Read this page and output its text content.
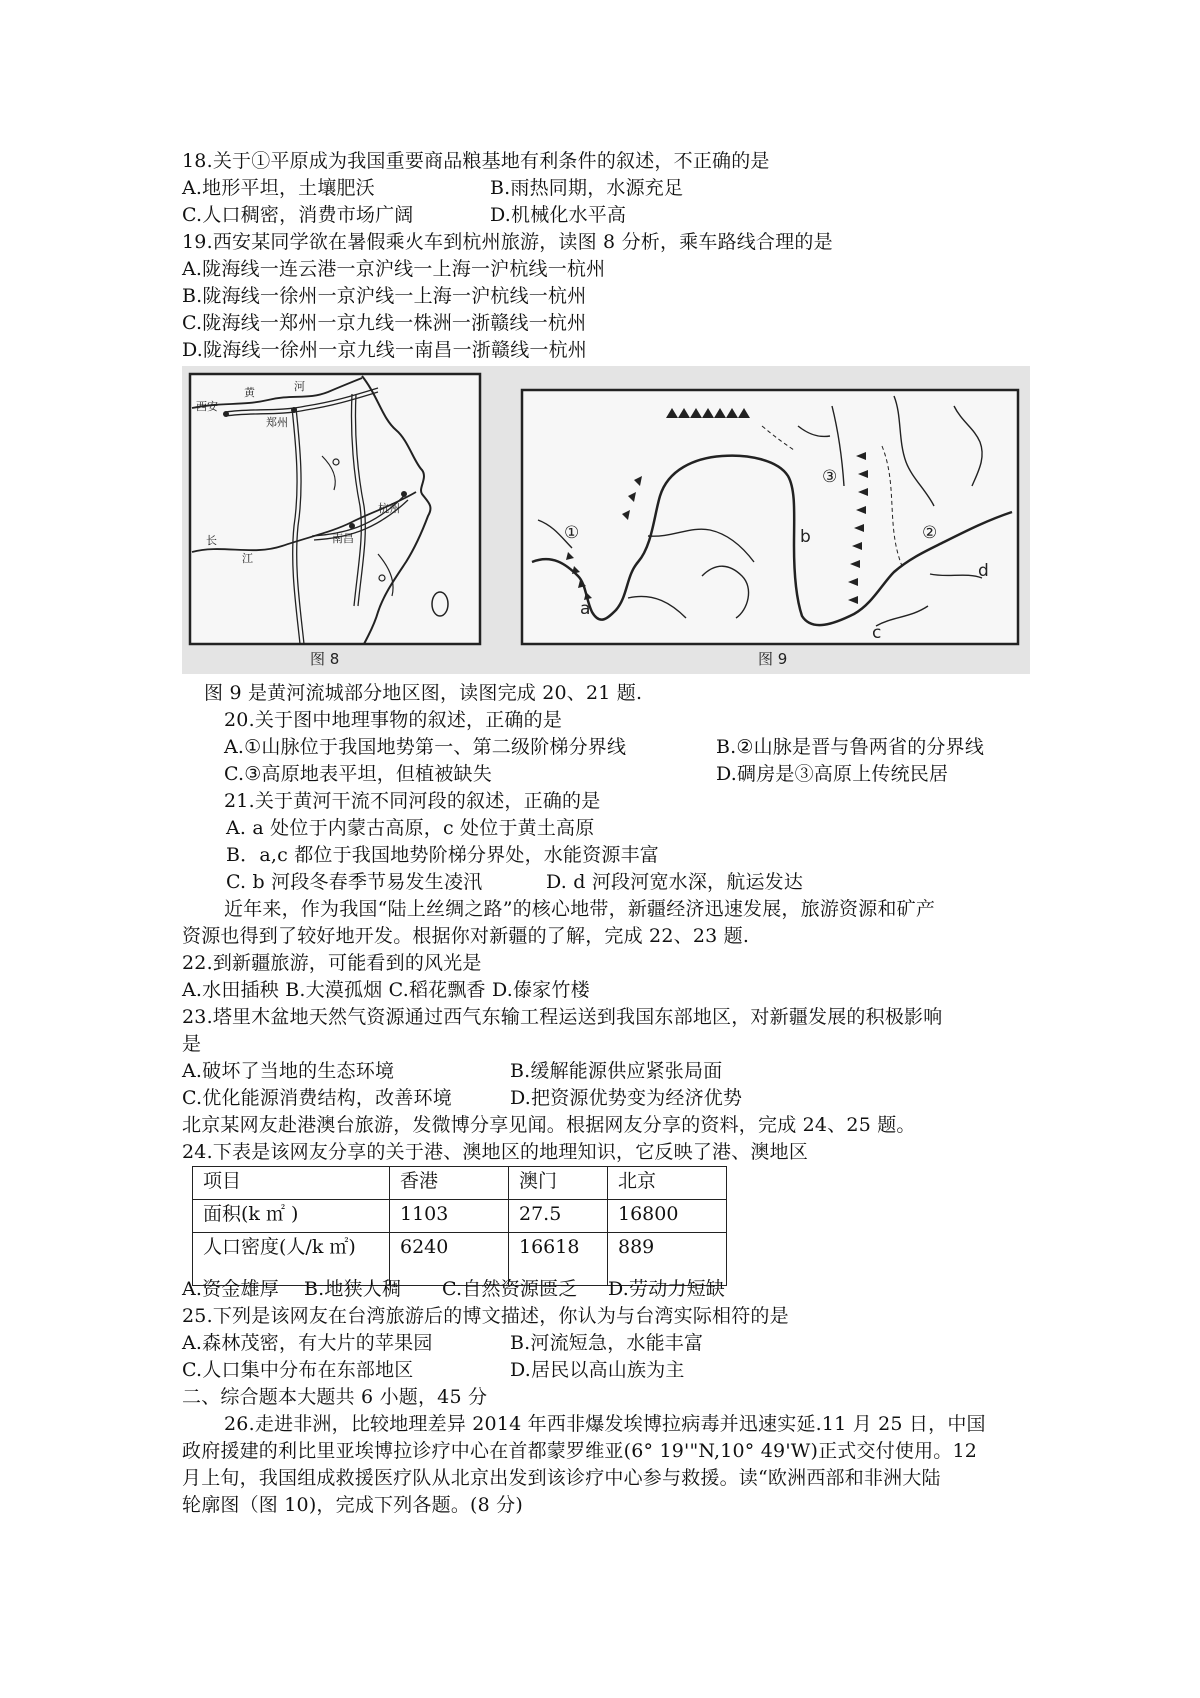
18.关于①平原成为我国重要商品粮基地有利条件的叙述，不正确的是
A.地形平坦，土壤肥沃	B.雨热同期，水源充足
C.人口稠密，消费市场广阔	D.机械化水平高
19.西安某同学欲在暑假乘火车到杭州旅游，读图 8 分析，乘车路线合理的是
A.陇海线一连云港一京沪线一上海一沪杭线一杭州
B.陇海线一徐州一京沪线一上海一沪杭线一杭州
C.陇海线一郑州一京九线一株洲一浙赣线一杭州
D.陇海线一徐州一京九线一南昌一浙赣线一杭州
西安
黄	河
郑州
杭州
长
江
南昌
图 8
①	②
③
a
b
c
d
图 9
图 9 是黄河流城部分地区图，读图完成 20、21 题.
20.关于图中地理事物的叙述，正确的是
A.①山脉位于我国地势第一、第二级阶梯分界线	B.②山脉是晋与鲁两省的分界线
C.③高原地表平坦，但植被缺失	D.碉房是③高原上传统民居
21.关于黄河干流不同河段的叙述，正确的是
A. a 处位于内蒙古高原，c 处位于黄土高原
B．a,c 都位于我国地势阶梯分界处，水能资源丰富
C. b 河段冬春季节易发生凌汛	D. d 河段河宽水深，航运发达
近年来，作为我国“陆上丝绸之路”的核心地带，新疆经济迅速发展，旅游资源和矿产
资源也得到了较好地开发。根据你对新疆的了解，完成 22、23 题.
22.到新疆旅游，可能看到的风光是
A.水田插秧 B.大漠孤烟 C.稻花飘香 D.傣家竹楼
23.塔里木盆地天然气资源通过西气东输工程运送到我国东部地区，对新疆发展的积极影响
是
A.破坏了当地的生态环境	B.缓解能源供应紧张局面
C.优化能源消费结构，改善环境	D.把资源优势变为经济优势
北京某网友赴港澳台旅游，发微博分享见闻。根据网友分享的资料，完成 24、25 题。
24.下表是该网友分享的关于港、澳地区的地理知识，它反映了港、澳地区
项目	香港	澳门	北京
面积(k ㎡ )	1103	27.5	16800
人口密度(人/k ㎡)	6240	16618	889
A.资金雄厚 B.地狭人稠 C.自然资源匮乏 D.劳动力短缺
25.下列是该网友在台湾旅游后的博文描述，你认为与台湾实际相符的是
A.森林茂密，有大片的苹果园	B.河流短急，水能丰富
C.人口集中分布在东部地区	D.居民以高山族为主
二、综合题本大题共 6 小题，45 分
26.走进非洲，比较地理差异 2014 年西非爆发埃博拉病毒并迅速实延.11 月 25 日，中国
政府援建的利比里亚埃博拉诊疗中心在首都蒙罗维亚(6° 19'"N,10° 49'W)正式交付使用。12
月上旬，我国组成救援医疗队从北京出发到该诊疗中心参与救援。读“欧洲西部和非洲大陆
轮廓图（图 10)，完成下列各题。(8 分)
